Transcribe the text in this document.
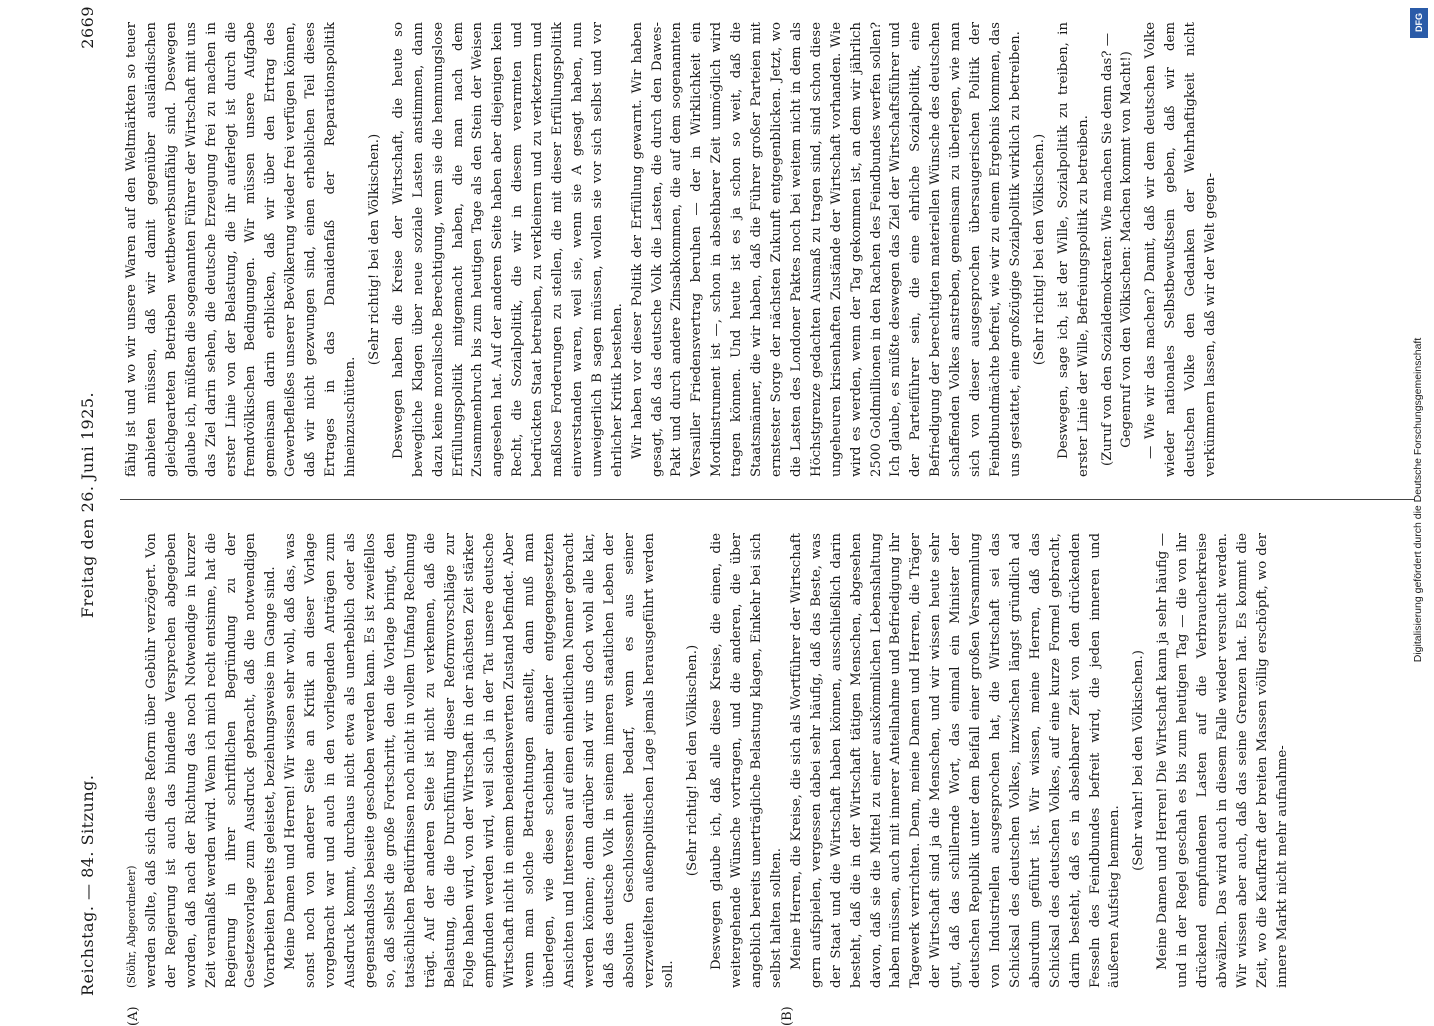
Reichstag. — 84. Sitzung.
Freitag den 26. Juni 1925.
2669
(A)	(B)

(Stöhr, Abgeordneter) werden sollte, daß sich diese Reform über Gebühr verzögert. Von der Regierung ist auch das bindende Versprechen abgegeben worden, daß nach der Richtung das noch Notwendige in kurzer Zeit veranlaßt werden wird. Wenn ich mich recht entsinne, hat die Regierung in ihrer schriftlichen Begründung zu der Gesetzesvorlage zum Ausdruck gebracht, daß die notwendigen Vorarbeiten bereits geleistet, beziehungsweise im Gange sind. Meine Damen und Herren! Wir wissen sehr wohl, daß das, was sonst noch von anderer Seite an Kritik an dieser Vorlage vorgebracht war und auch in den vorliegenden Anträgen zum Ausdruck kommt, durchaus nicht etwa als unerheblich oder als gegenstandslos beiseite geschoben werden kann. Es ist zweifellos so, daß selbst die große Fortschritt, den die Vorlage bringt, den tatsächlichen Bedürfnissen noch nicht in vollem Umfang Rechnung trägt. Auf der anderen Seite ist nicht zu verkennen, daß die Belastung, die die Durchführung dieser Reformvorschläge zur Folge haben wird, von der Wirtschaft in der nächsten Zeit stärker empfunden werden wird, weil sich ja in der Tat unsere deutsche Wirtschaft nicht in einem beneidenswerten Zustand befindet. Aber wenn man solche Betrachtungen anstellt, dann muß man überlegen, wie diese scheinbar einander entgegengesetzten Ansichten und Interessen auf einen einheitlichen Nenner gebracht werden können; denn darüber sind wir uns doch wohl alle klar, daß das deutsche Volk in seinem inneren staatlichen Leben der absoluten Geschlossenheit bedarf, wenn es aus seiner verzweifelten außenpolitischen Lage jemals herausgeführt werden soll.

(Sehr richtig! bei den Völkischen.) Deswegen glaube ich, daß alle diese Kreise, die einen, die weitergehende Wünsche vortragen, und die anderen, die über angeblich bereits unerträgliche Belastung klagen, Einkehr bei sich selbst halten sollten. Meine Herren, die Kreise, die sich als Wortführer der Wirtschaft gern aufspielen, vergessen dabei sehr häufig, daß das Beste, was der Staat und die Wirtschaft haben können, ausschließlich darin besteht, daß die in der Wirtschaft tätigen Menschen, abgesehen davon, daß sie die Mittel zu einer auskömmlichen Lebenshaltung haben müssen, auch mit innerer Anteilnahme und Befriedigung ihr Tagewerk verrichten. Denn, meine Damen und Herren, die Träger der Wirtschaft sind ja die Menschen, und wir wissen heute sehr gut, daß das schillernde Wort, das einmal ein Minister der deutschen Republik unter dem Beifall einer großen Versammlung von Industriellen ausgesprochen hat, die Wirtschaft sei das Schicksal des deutschen Volkes, inzwischen längst gründlich ad absurdum geführt ist. Wir wissen, meine Herren, daß das Schicksal des deutschen Volkes, auf eine kurze Formel gebracht, darin besteht, daß es in absehbarer Zeit von den drückenden Fesseln des Feindbundes befreit wird, die jeden inneren und äußeren Aufstieg hemmen.

(Sehr wahr! bei den Völkischen.) Meine Damen und Herren! Die Wirtschaft kann ja sehr häufig — und in der Regel geschah es bis zum heutigen Tag — die von ihr drückend empfundenen Lasten auf die Verbraucherkreise abwälzen. Das wird auch in diesem Falle wieder versucht werden. Wir wissen aber auch, daß das seine Grenzen hat. Es kommt die Zeit, wo die Kaufkraft der breiten Massen völlig erschöpft, wo der innere Markt nicht mehr aufnahme-

fähig ist und wo wir unsere Waren auf den Weltmärkten so teuer anbieten müssen, daß wir damit gegenüber ausländischen gleichgearteten Betrieben wettbewerbsunfähig sind. Deswegen glaube ich, müßten die sogenannten Führer der Wirtschaft mit uns das Ziel darin sehen, die deutsche Erzeugung frei zu machen in erster Linie von der Belastung, die ihr auferlegt ist durch die fremdvölkischen Bedingungen. Wir müssen unsere Aufgabe gemeinsam darin erblicken, daß wir über den Ertrag des Gewerbefleißes unserer Bevölkerung wieder frei verfügen können, daß wir nicht gezwungen sind, einen erheblichen Teil dieses Ertrages in das Danaidenfaß der Reparationspolitik hineinzuschütten.

(Sehr richtig! bei den Völkischen.) Deswegen haben die Kreise der Wirtschaft, die heute so bewegliche Klagen über neue soziale Lasten anstimmen, dann dazu keine moralische Berechtigung, wenn sie die hemmungslose Erfüllungspolitik mitgemacht haben, die man nach dem Zusammenbruch bis zum heutigen Tage als den Stein der Weisen angesehen hat. Auf der anderen Seite haben aber diejenigen kein Recht, die Sozialpolitik, die wir in diesem verarmten und bedrückten Staat betreiben, zu verkleinern und zu verketzern und maßlose Forderungen zu stellen, die mit dieser Erfüllungspolitik einverstanden waren, weil sie, wenn sie A gesagt haben, nun unweigerlich B sagen müssen, wollen sie vor sich selbst und vor ehrlicher Kritik bestehen. Wir haben vor dieser Politik der Erfüllung gewarnt. Wir haben gesagt, daß das deutsche Volk die Lasten, die durch den Dawes-Pakt und durch andere Zinsabkommen, die auf dem sogenannten Versailler Friedensvertrag beruhen — der in Wirklichkeit ein Mordinstrument ist —, schon in absehbarer Zeit unmöglich wird tragen können. Und heute ist es ja schon so weit, daß die Staatsmänner, die wir haben, daß die Führer großer Parteien mit ernstester Sorge der nächsten Zukunft entgegenblicken. Jetzt, wo die Lasten des Londoner Paktes noch bei weitem nicht in dem als Höchstgrenze gedachten Ausmaß zu tragen sind, sind schon diese ungeheuren krisenhaften Zustände der Wirtschaft vorhanden. Wie wird es werden, wenn der Tag gekommen ist, an dem wir jährlich 2500 Goldmillionen in den Rachen des Feindbundes werfen sollen? Ich glaube, es müßte deswegen das Ziel der Wirtschaftsführer und der Parteiführer sein, die eine ehrliche Sozialpolitik, eine Befriedigung der berechtigten materiellen Wünsche des deutschen schaffenden Volkes anstreben, gemeinsam zu überlegen, wie man sich von dieser ausgesprochen übersaugerischen Politik der Feindbundmächte befreit, wie wir zu einem Ergebnis kommen, das uns gestattet, eine großzügige Sozialpolitik wirklich zu betreiben. (Sehr richtig! bei den Völkischen.) Deswegen, sage ich, ist der Wille, Sozialpolitik zu treiben, in erster Linie der Wille, Befreiungspolitik zu betreiben. (Zuruf von den Sozialdemokraten: Wie machen Sie denn das? — Gegenruf von den Völkischen: Machen kommt von Macht!) — Wie wir das machen? Damit, daß wir dem deutschen Volke wieder nationales Selbstbewußtsein geben, daß wir dem deutschen Volke den Gedanken der Wehrhaftigkeit nicht verkümmern lassen, daß wir der Welt gegen-

DFG
Digitalisierung gefördert durch die Deutsche Forschungsgemeinschaft
